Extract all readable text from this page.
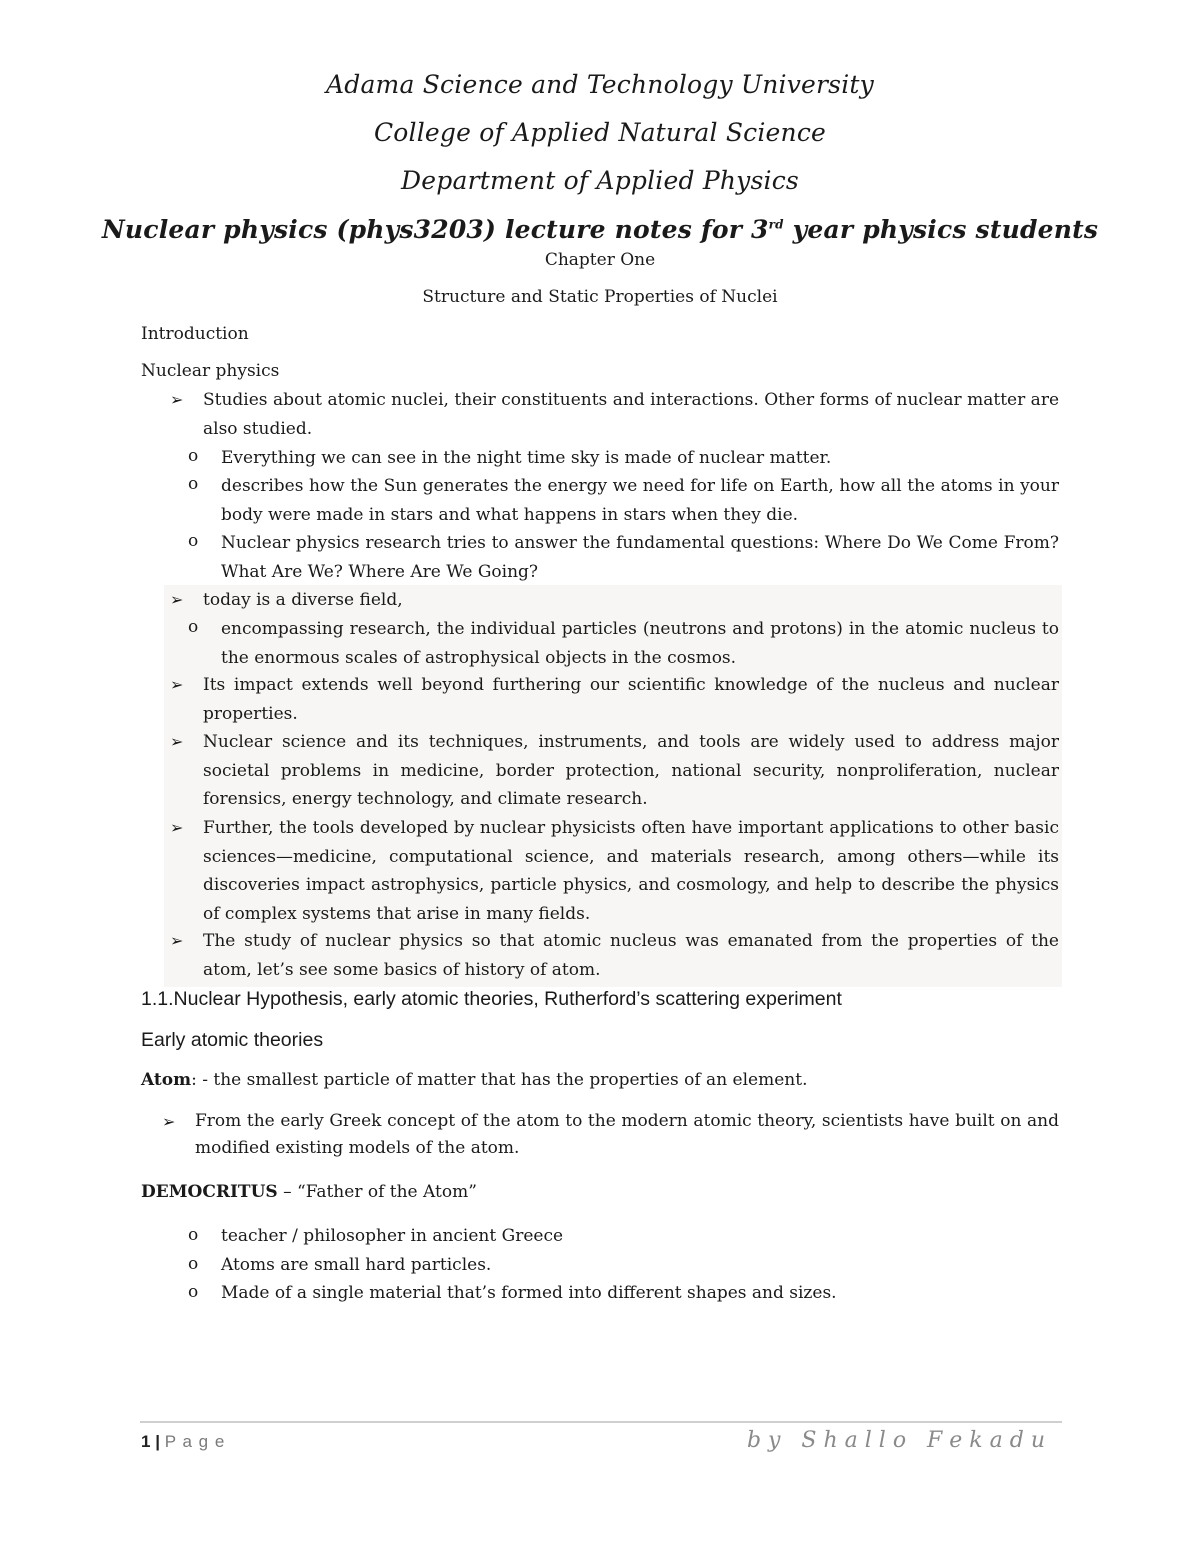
Adama Science and Technology University
College of Applied Natural Science
Department of Applied Physics
Nuclear physics (phys3203) lecture notes for 3rd year physics students
Chapter One
Structure and Static Properties of Nuclei
Introduction
Nuclear physics
➢ Studies about atomic nuclei, their constituents and interactions. Other forms of nuclear matter are also studied.
o Everything we can see in the night time sky is made of nuclear matter.
o describes how the Sun generates the energy we need for life on Earth, how all the atoms in your body were made in stars and what happens in stars when they die.
o Nuclear physics research tries to answer the fundamental questions: Where Do We Come From? What Are We? Where Are We Going?
➢ today is a diverse field,
o encompassing research, the individual particles (neutrons and protons) in the atomic nucleus to the enormous scales of astrophysical objects in the cosmos.
➢ Its impact extends well beyond furthering our scientific knowledge of the nucleus and nuclear properties.
➢ Nuclear science and its techniques, instruments, and tools are widely used to address major societal problems in medicine, border protection, national security, nonproliferation, nuclear forensics, energy technology, and climate research.
➢ Further, the tools developed by nuclear physicists often have important applications to other basic sciences—medicine, computational science, and materials research, among others—while its discoveries impact astrophysics, particle physics, and cosmology, and help to describe the physics of complex systems that arise in many fields.
➢ The study of nuclear physics so that atomic nucleus was emanated from the properties of the atom, let’s see some basics of history of atom.
1.1.Nuclear Hypothesis, early atomic theories, Rutherford’s scattering experiment
Early atomic theories
Atom: - the smallest particle of matter that has the properties of an element.
➢ From the early Greek concept of the atom to the modern atomic theory, scientists have built on and modified existing models of the atom.
DEMOCRITUS – “Father of the Atom”
o teacher / philosopher in ancient Greece
o Atoms are small hard particles.
o Made of a single material that’s formed into different shapes and sizes.
1 | P a g e	b y   S h a l l o   F e k a d u
